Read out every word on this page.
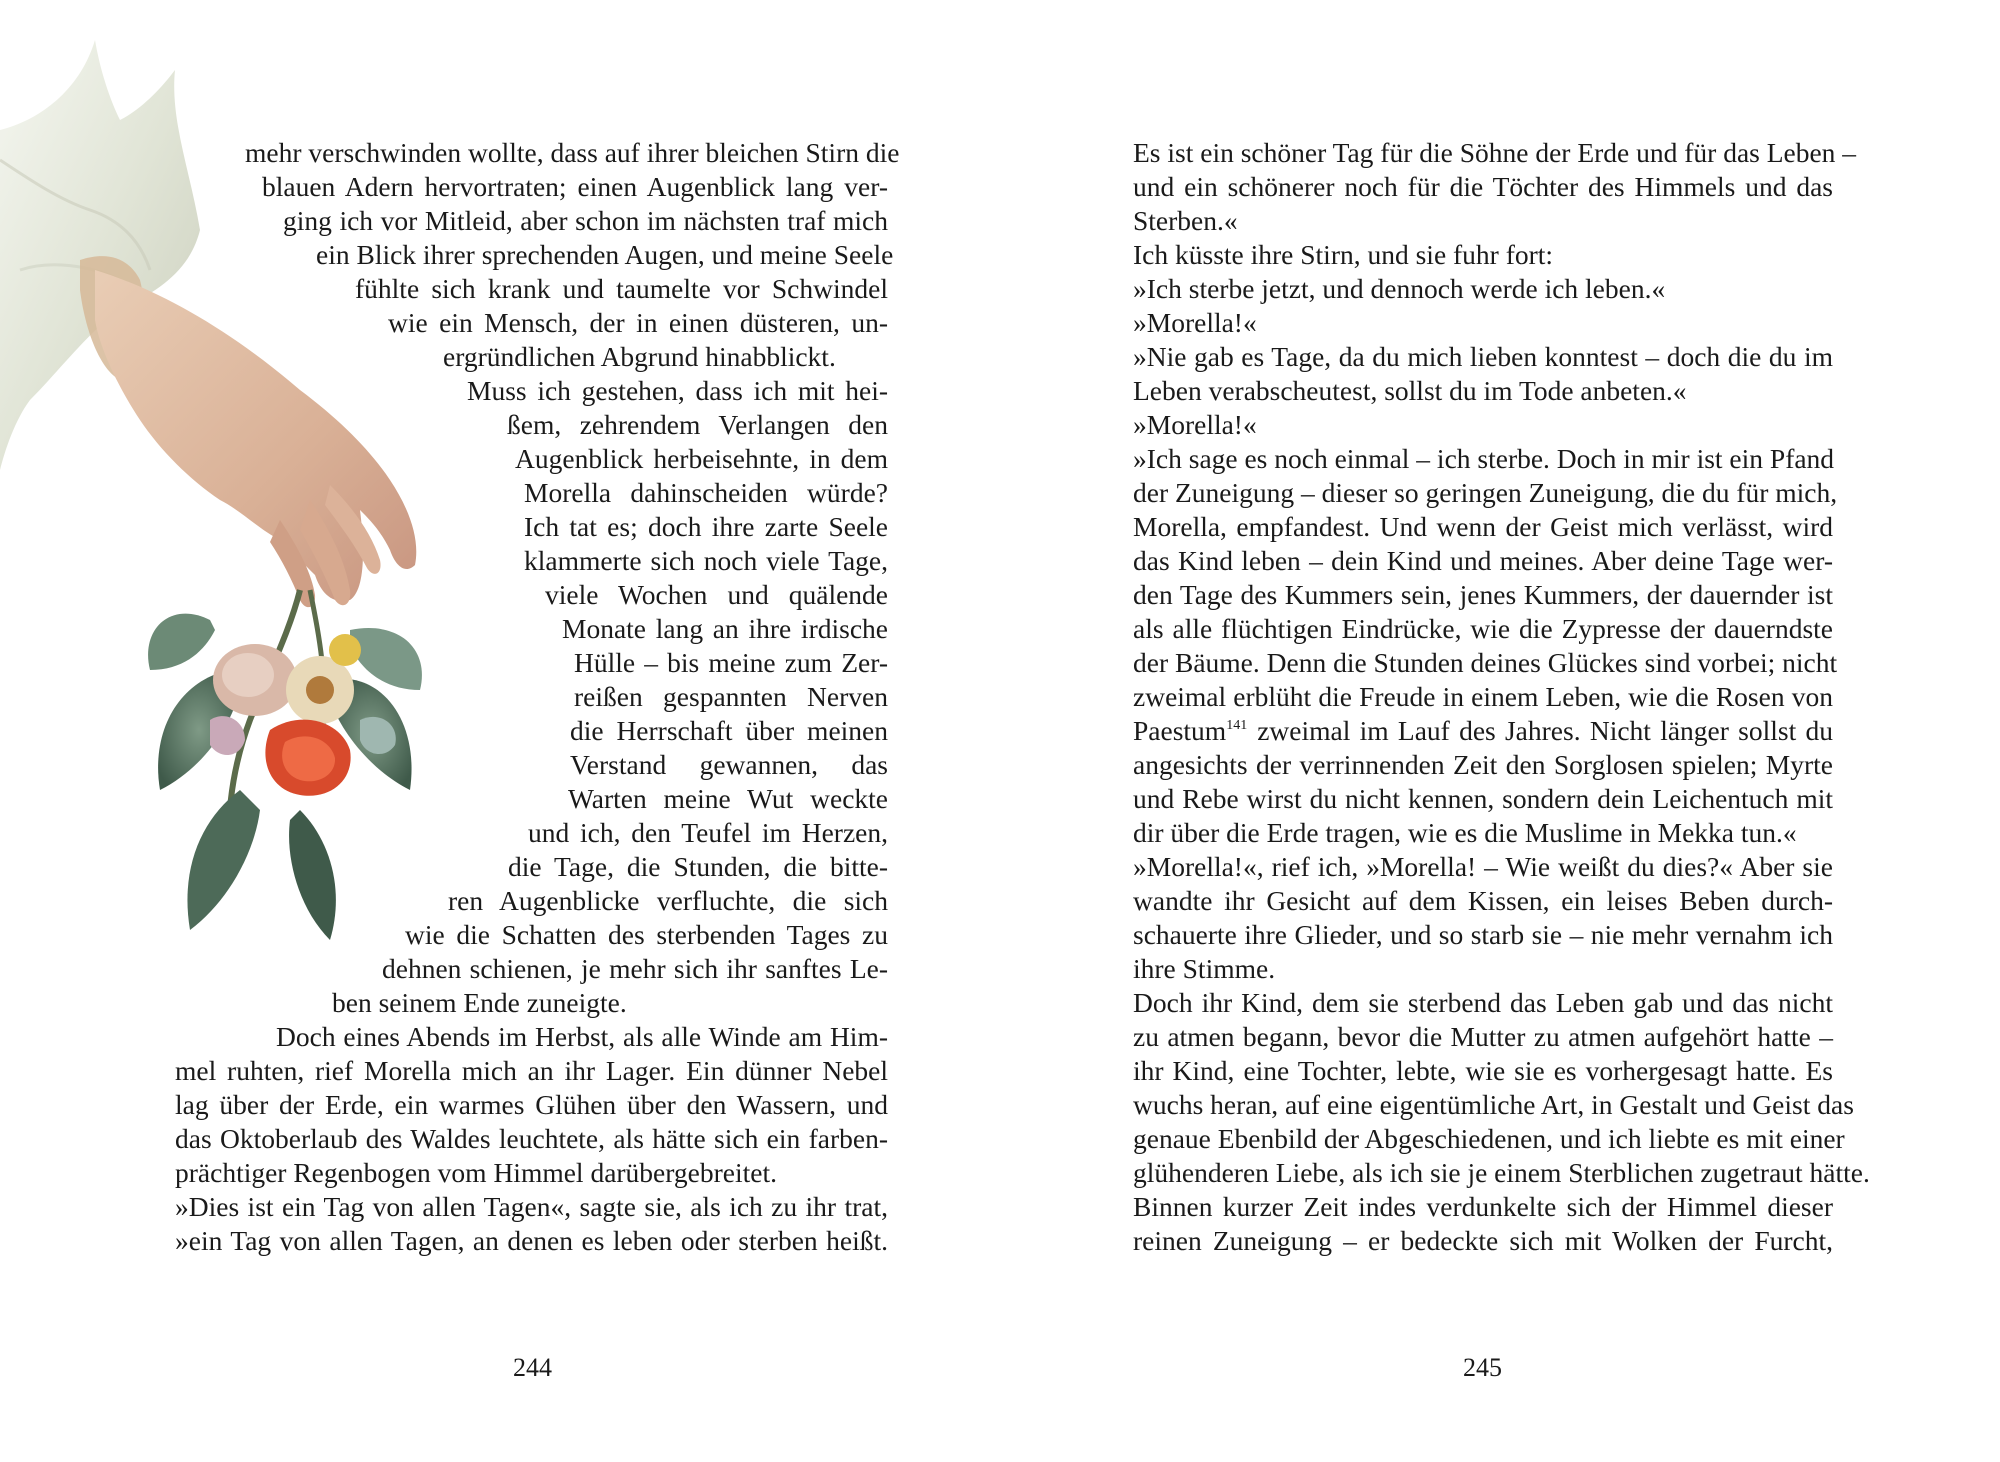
mehr verschwinden wollte, dass auf ihrer bleichen Stirn die
blauen Adern hervortraten; einen Augenblick lang ver-
ging ich vor Mitleid, aber schon im nächsten traf mich
ein Blick ihrer sprechenden Augen, und meine Seele
fühlte sich krank und taumelte vor Schwindel
wie ein Mensch, der in einen düsteren, un-
ergründlichen Abgrund hinabblickt.
Muss ich gestehen, dass ich mit hei-
ßem, zehrendem Verlangen den
Augenblick herbeisehnte, in dem
Morella dahinscheiden würde?
Ich tat es; doch ihre zarte Seele
klammerte sich noch viele Tage,
viele Wochen und quälende
Monate lang an ihre irdische
Hülle – bis meine zum Zer-
reißen gespannten Nerven
die Herrschaft über meinen
Verstand gewannen, das
Warten meine Wut weckte
und ich, den Teufel im Herzen,
die Tage, die Stunden, die bitte-
ren Augenblicke verfluchte, die sich
wie die Schatten des sterbenden Tages zu
dehnen schienen, je mehr sich ihr sanftes Le-
ben seinem Ende zuneigte.
Doch eines Abends im Herbst, als alle Winde am Him-
mel ruhten, rief Morella mich an ihr Lager. Ein dünner Nebel
lag über der Erde, ein warmes Glühen über den Wassern, und
das Oktoberlaub des Waldes leuchtete, als hätte sich ein farben-
prächtiger Regenbogen vom Himmel darübergebreitet.
»Dies ist ein Tag von allen Tagen«, sagte sie, als ich zu ihr trat,
»ein Tag von allen Tagen, an denen es leben oder sterben heißt.
244
Es ist ein schöner Tag für die Söhne der Erde und für das Leben –
und ein schönerer noch für die Töchter des Himmels und das
Sterben.«
Ich küsste ihre Stirn, und sie fuhr fort:
»Ich sterbe jetzt, und dennoch werde ich leben.«
»Morella!«
»Nie gab es Tage, da du mich lieben konntest – doch die du im
Leben verabscheutest, sollst du im Tode anbeten.«
»Morella!«
»Ich sage es noch einmal – ich sterbe. Doch in mir ist ein Pfand
der Zuneigung – dieser so geringen Zuneigung, die du für mich,
Morella, empfandest. Und wenn der Geist mich verlässt, wird
das Kind leben – dein Kind und meines. Aber deine Tage wer-
den Tage des Kummers sein, jenes Kummers, der dauernder ist
als alle flüchtigen Eindrücke, wie die Zypresse der dauerndste
der Bäume. Denn die Stunden deines Glückes sind vorbei; nicht
zweimal erblüht die Freude in einem Leben, wie die Rosen von
Paestum$^{141}$ zweimal im Lauf des Jahres. Nicht länger sollst du
angesichts der verrinnenden Zeit den Sorglosen spielen; Myrte
und Rebe wirst du nicht kennen, sondern dein Leichentuch mit
dir über die Erde tragen, wie es die Muslime in Mekka tun.«
»Morella!«, rief ich, »Morella! – Wie weißt du dies?« Aber sie
wandte ihr Gesicht auf dem Kissen, ein leises Beben durch-
schauerte ihre Glieder, und so starb sie – nie mehr vernahm ich
ihre Stimme.
Doch ihr Kind, dem sie sterbend das Leben gab und das nicht
zu atmen begann, bevor die Mutter zu atmen aufgehört hatte –
ihr Kind, eine Tochter, lebte, wie sie es vorhergesagt hatte. Es
wuchs heran, auf eine eigentümliche Art, in Gestalt und Geist das
genaue Ebenbild der Abgeschiedenen, und ich liebte es mit einer
glühenderen Liebe, als ich sie je einem Sterblichen zugetraut hätte.
Binnen kurzer Zeit indes verdunkelte sich der Himmel dieser
reinen Zuneigung – er bedeckte sich mit Wolken der Furcht,
245
